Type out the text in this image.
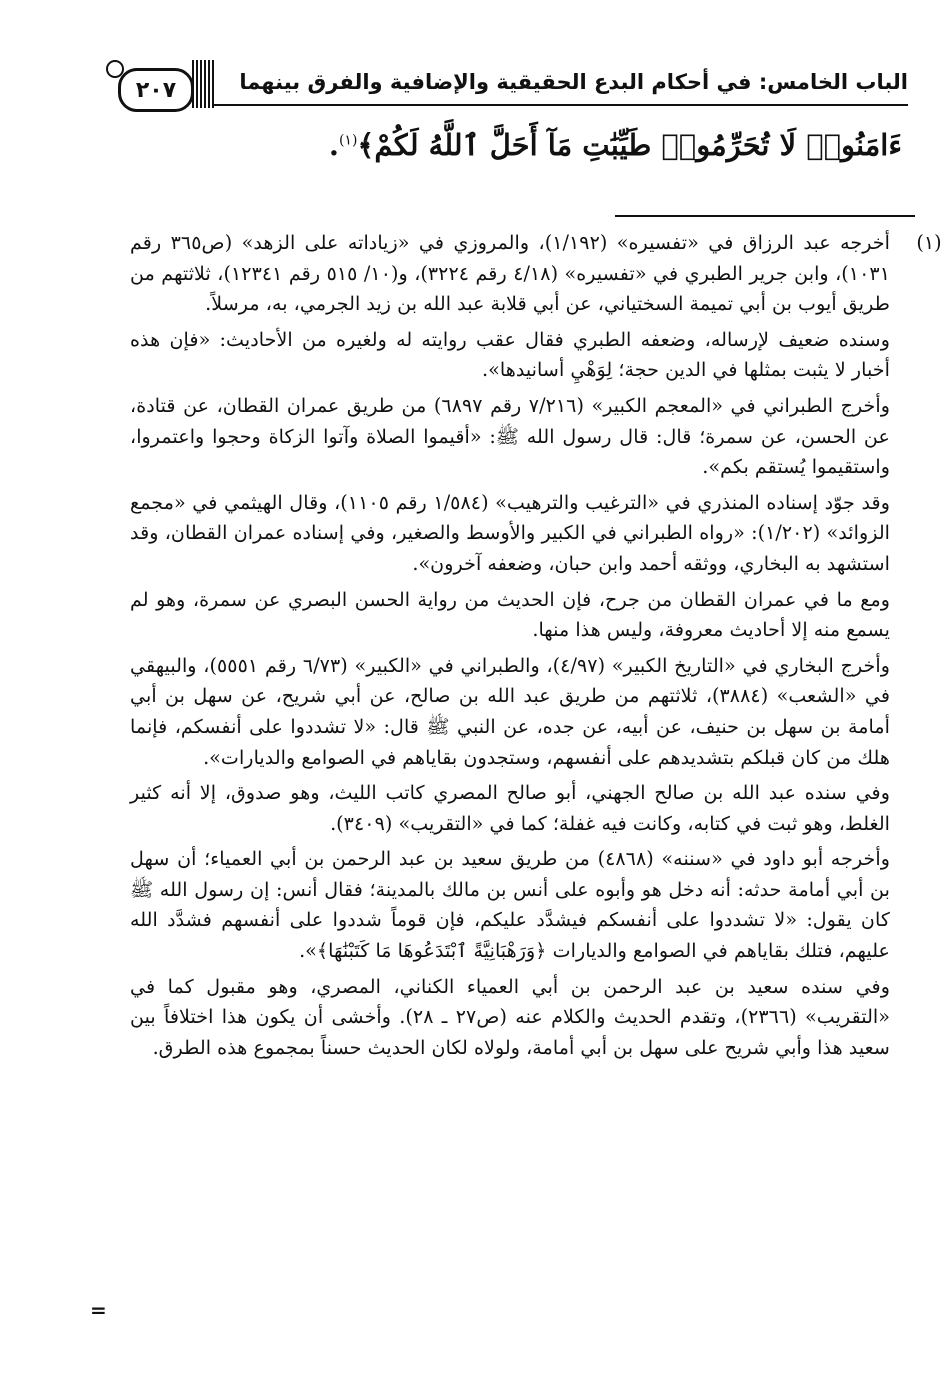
٢٠٧	الباب الخامس: في أحكام البدع الحقيقية والإضافية والفرق بينهما
ءَامَنُوا۟ لَا تُحَرِّمُوا۟ طَيِّبَٰتِ مَآ أَحَلَّ ٱللَّهُ لَكُمْ﴾$^{(١)}$.
(١)

أخرجه عبد الرزاق في «تفسيره» (١/١٩٢)، والمروزي في «زياداته على الزهد» (ص٣٦٥ رقم ١٠٣١)، وابن جرير الطبري في «تفسيره» (٤/١٨ رقم ٣٢٢٤)، و(١٠/ ٥١٥ رقم ١٢٣٤١)، ثلاثتهم من طريق أيوب بن أبي تميمة السختياني، عن أبي قلابة عبد الله بن زيد الجرمي، به، مرسلاً.

وسنده ضعيف لإرساله، وضعفه الطبري فقال عقب روايته له ولغيره من الأحاديث: «فإن هذه أخبار لا يثبت بمثلها في الدين حجة؛ لِوَهْيِ أسانيدها».

وأخرج الطبراني في «المعجم الكبير» (٧/٢١٦ رقم ٦٨٩٧) من طريق عمران القطان، عن قتادة، عن الحسن، عن سمرة؛ قال: قال رسول الله ﷺ: «أقيموا الصلاة وآتوا الزكاة وحجوا واعتمروا، واستقيموا يُستقم بكم».

وقد جوّد إسناده المنذري في «الترغيب والترهيب» (١/٥٨٤ رقم ١١٠٥)، وقال الهيثمي في «مجمع الزوائد» (١/٢٠٢): «رواه الطبراني في الكبير والأوسط والصغير، وفي إسناده عمران القطان، وقد استشهد به البخاري، ووثقه أحمد وابن حبان، وضعفه آخرون».

ومع ما في عمران القطان من جرح، فإن الحديث من رواية الحسن البصري عن سمرة، وهو لم يسمع منه إلا أحاديث معروفة، وليس هذا منها.

وأخرج البخاري في «التاريخ الكبير» (٤/٩٧)، والطبراني في «الكبير» (٦/٧٣ رقم ٥٥٥١)، والبيهقي في «الشعب» (٣٨٨٤)، ثلاثتهم من طريق عبد الله بن صالح، عن أبي شريح، عن سهل بن أبي أمامة بن سهل بن حنيف، عن أبيه، عن جده، عن النبي ﷺ قال: «لا تشددوا على أنفسكم، فإنما هلك من كان قبلكم بتشديدهم على أنفسهم، وستجدون بقاياهم في الصوامع والديارات».

وفي سنده عبد الله بن صالح الجهني، أبو صالح المصري كاتب الليث، وهو صدوق، إلا أنه كثير الغلط، وهو ثبت في كتابه، وكانت فيه غفلة؛ كما في «التقريب» (٣٤٠٩).

وأخرجه أبو داود في «سننه» (٤٨٦٨) من طريق سعيد بن عبد الرحمن بن أبي العمياء؛ أن سهل بن أبي أمامة حدثه: أنه دخل هو وأبوه على أنس بن مالك بالمدينة؛ فقال أنس: إن رسول الله ﷺ كان يقول: «لا تشددوا على أنفسكم فيشدَّد عليكم، فإن قوماً شددوا على أنفسهم فشدَّد الله عليهم، فتلك بقاياهم في الصوامع والديارات ﴿وَرَهْبَانِيَّةً ٱبْتَدَعُوهَا مَا كَتَبْنَٰهَا﴾».

وفي سنده سعيد بن عبد الرحمن بن أبي العمياء الكناني، المصري، وهو مقبول كما في «التقريب» (٢٣٦٦)، وتقدم الحديث والكلام عنه (ص٢٧ ـ ٢٨). وأخشى أن يكون هذا اختلافاً بين سعيد هذا وأبي شريح على سهل بن أبي أمامة، ولولاه لكان الحديث حسناً بمجموع هذه الطرق.

=
